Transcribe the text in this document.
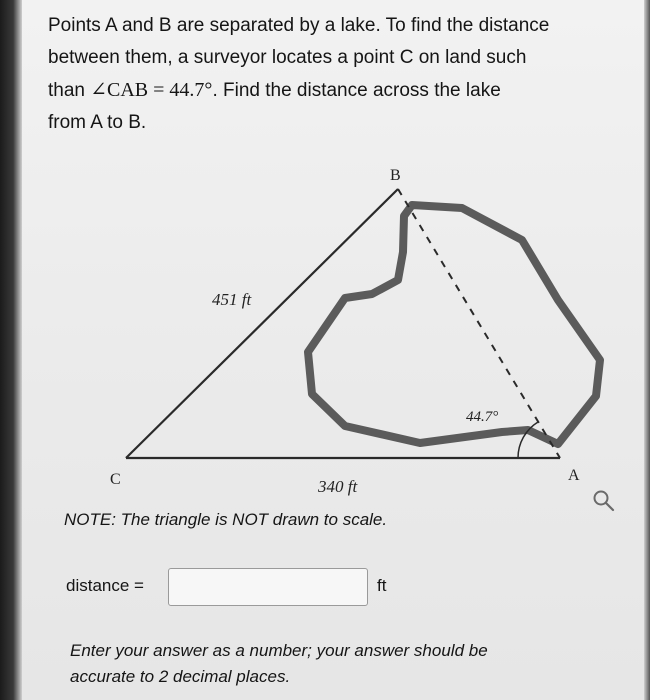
Points A and B are separated by a lake. To find the distance
between them, a surveyor locates a point C on land such
than ∠CAB = 44.7°. Find the distance across the lake
from A to B.

B
C	A
451 ft
340 ft
44.7°
NOTE: The triangle is NOT drawn to scale.
distance =	ft

Enter your answer as a number; your answer should be
accurate to 2 decimal places.
